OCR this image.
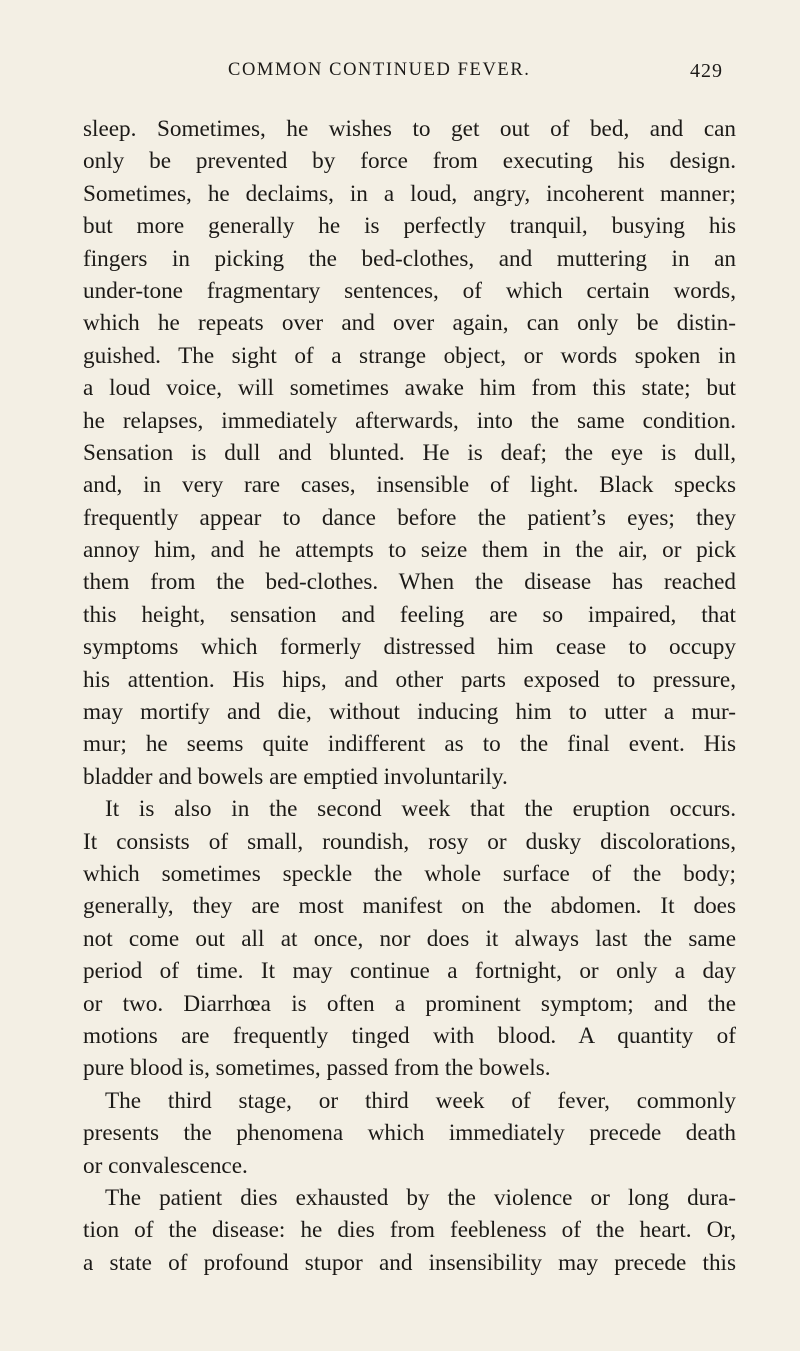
COMMON CONTINUED FEVER.	429
sleep. Sometimes, he wishes to get out of bed, and can
only be prevented by force from executing his design.
Sometimes, he declaims, in a loud, angry, incoherent manner;
but more generally he is perfectly tranquil, busying his
fingers in picking the bed-clothes, and muttering in an
under-tone fragmentary sentences, of which certain words,
which he repeats over and over again, can only be distin-
guished. The sight of a strange object, or words spoken in
a loud voice, will sometimes awake him from this state; but
he relapses, immediately afterwards, into the same condition.
Sensation is dull and blunted. He is deaf; the eye is dull,
and, in very rare cases, insensible of light. Black specks
frequently appear to dance before the patient’s eyes; they
annoy him, and he attempts to seize them in the air, or pick
them from the bed-clothes. When the disease has reached
this height, sensation and feeling are so impaired, that
symptoms which formerly distressed him cease to occupy
his attention. His hips, and other parts exposed to pressure,
may mortify and die, without inducing him to utter a mur-
mur; he seems quite indifferent as to the final event. His
bladder and bowels are emptied involuntarily.
It is also in the second week that the eruption occurs.
It consists of small, roundish, rosy or dusky discolorations,
which sometimes speckle the whole surface of the body;
generally, they are most manifest on the abdomen. It does
not come out all at once, nor does it always last the same
period of time. It may continue a fortnight, or only a day
or two. Diarrhœa is often a prominent symptom; and the
motions are frequently tinged with blood. A quantity of
pure blood is, sometimes, passed from the bowels.
The third stage, or third week of fever, commonly
presents the phenomena which immediately precede death
or convalescence.
The patient dies exhausted by the violence or long dura-
tion of the disease: he dies from feebleness of the heart. Or,
a state of profound stupor and insensibility may precede this
